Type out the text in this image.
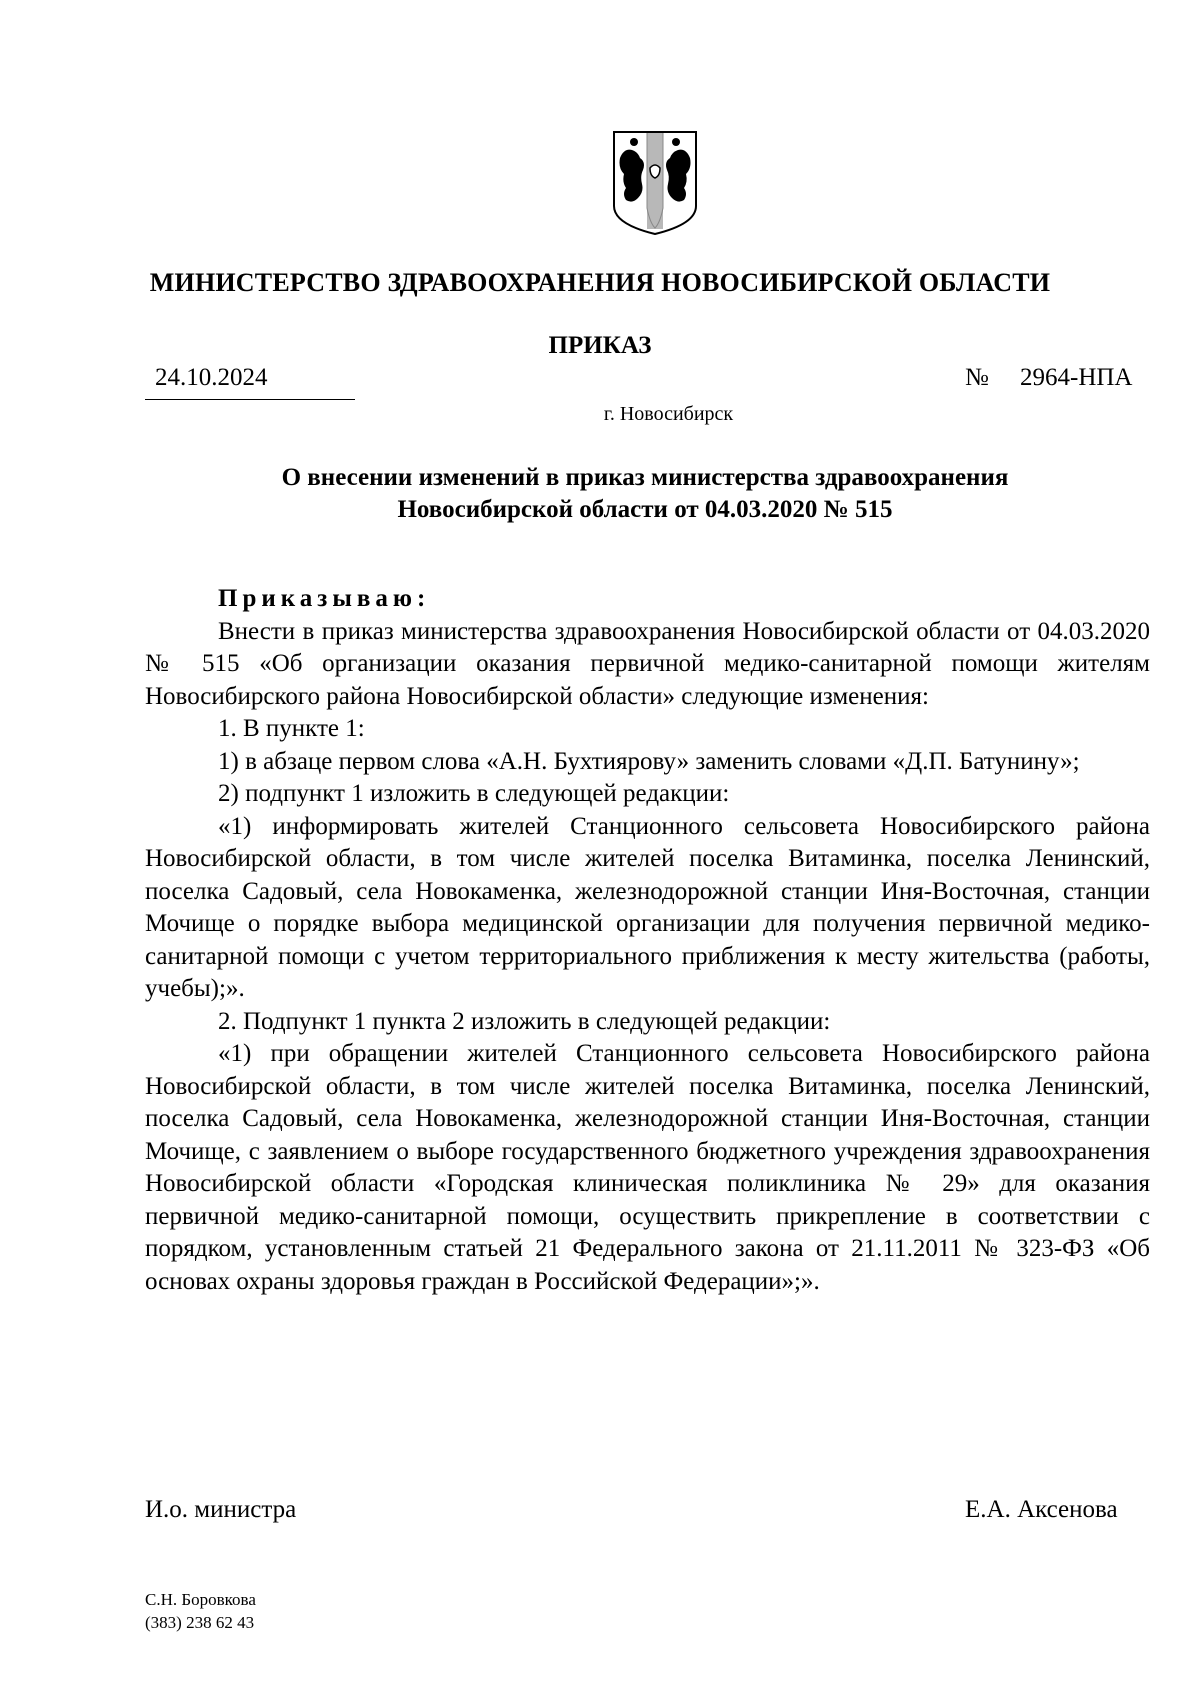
МИНИСТЕРСТВО ЗДРАВООХРАНЕНИЯ НОВОСИБИРСКОЙ ОБЛАСТИ
ПРИКАЗ
24.10.2024	№ 2964-НПА
г. Новосибирск
О внесении изменений в приказ министерства здравоохранения
Новосибирской области от 04.03.2020 № 515

Приказываю:

Внести в приказ министерства здравоохранения Новосибирской области от 04.03.2020 № 515 «Об организации оказания первичной медико-санитарной помощи жителям Новосибирского района Новосибирской области» следующие изменения:

1. В пункте 1:

1) в абзаце первом слова «А.Н. Бухтиярову» заменить словами «Д.П. Батунину»;

2) подпункт 1 изложить в следующей редакции:

«1) информировать жителей Станционного сельсовета Новосибирского района Новосибирской области, в том числе жителей поселка Витаминка, поселка Ленинский, поселка Садовый, села Новокаменка, железнодорожной станции Иня-Восточная, станции Мочище о порядке выбора медицинской организации для получения первичной медико-санитарной помощи с учетом территориального приближения к месту жительства (работы, учебы);».

2. Подпункт 1 пункта 2 изложить в следующей редакции:

«1) при обращении жителей Станционного сельсовета Новосибирского района Новосибирской области, в том числе жителей поселка Витаминка, поселка Ленинский, поселка Садовый, села Новокаменка, железнодорожной станции Иня-Восточная, станции Мочище, с заявлением о выборе государственного бюджетного учреждения здравоохранения Новосибирской области «Городская клиническая поликлиника № 29» для оказания первичной медико-санитарной помощи, осуществить прикрепление в соответствии с порядком, установленным статьей 21 Федерального закона от 21.11.2011 № 323-ФЗ «Об основах охраны здоровья граждан в Российской Федерации»;».

И.о. министра	Е.А. Аксенова
С.Н. Боровкова
(383) 238 62 43
